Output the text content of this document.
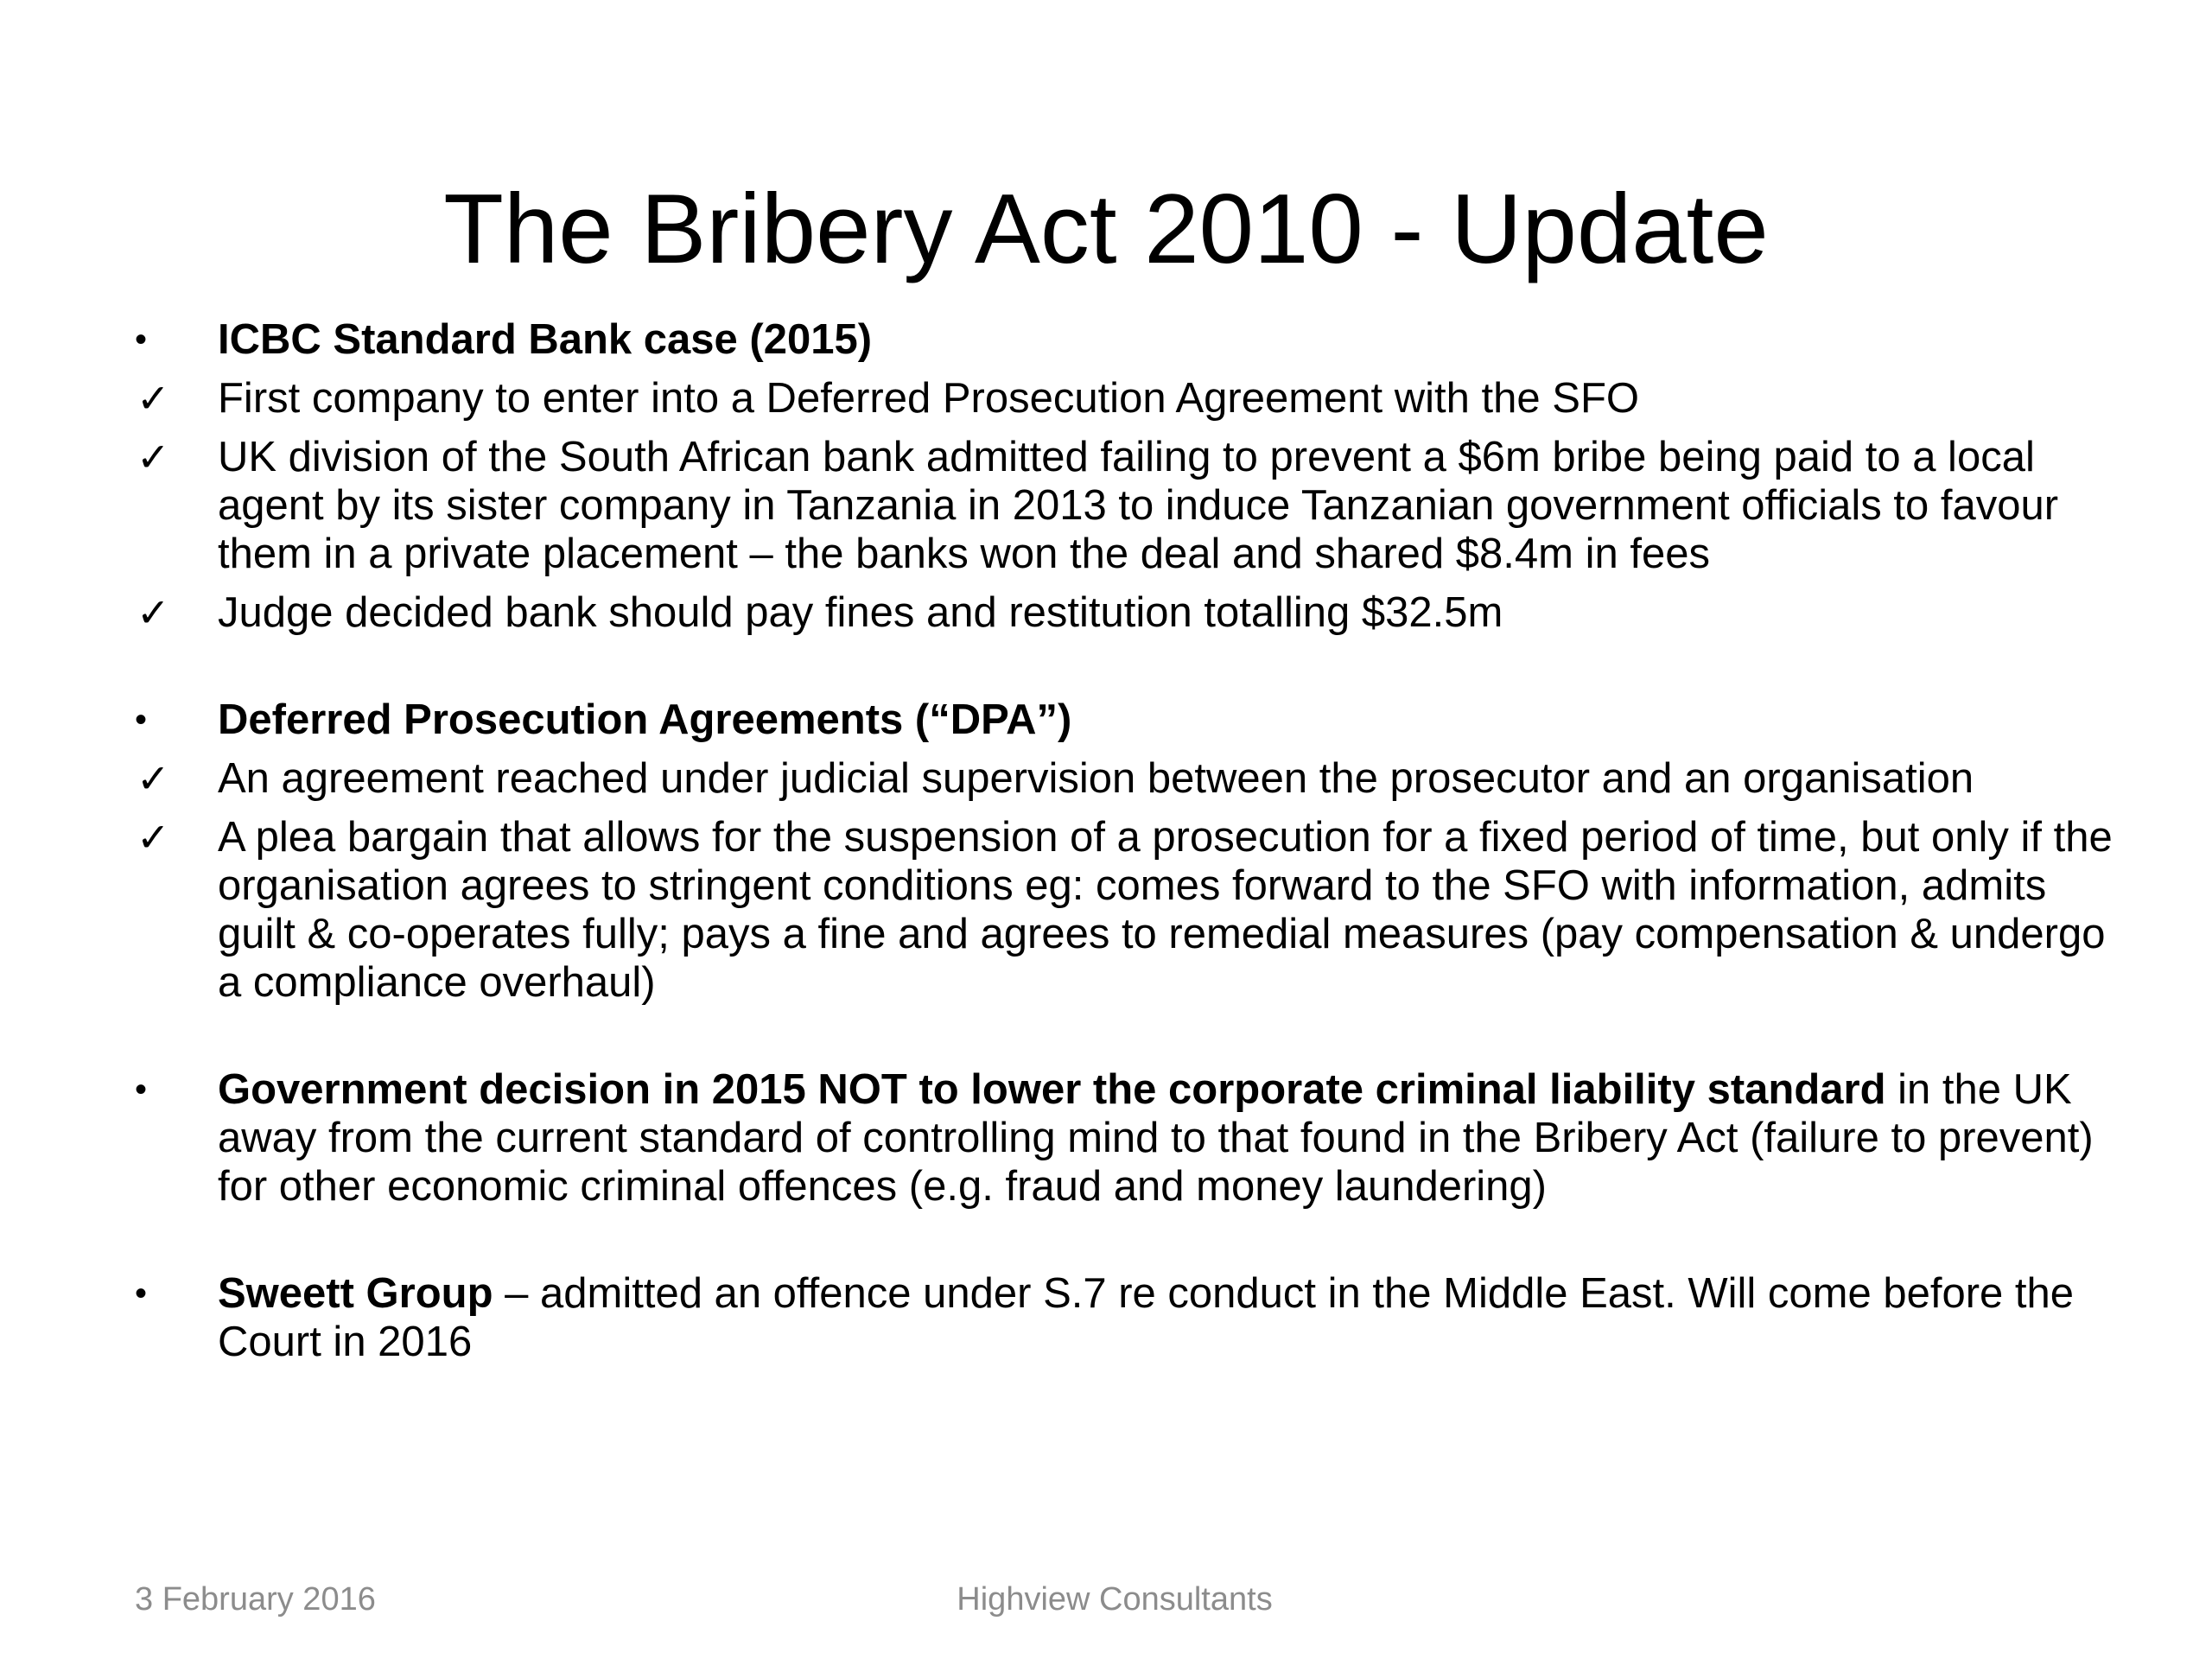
The Bribery Act 2010 - Update
•	ICBC Standard Bank case (2015)
✓	First company to enter into a Deferred Prosecution Agreement with the SFO
✓	UK division of the South African bank admitted failing to prevent a $6m bribe being paid to a local agent by its sister company in Tanzania in 2013 to induce Tanzanian government officials to favour them in a private placement – the banks won the deal and shared $8.4m in fees
✓	Judge decided bank should pay fines and restitution totalling $32.5m
•	Deferred Prosecution Agreements (“DPA”)
✓	An agreement reached under judicial supervision between the prosecutor and an organisation
✓	A plea bargain that allows for the suspension of a prosecution for a fixed period of time, but only if the organisation agrees to stringent conditions eg: comes forward to the SFO with information, admits guilt & co-operates fully; pays a fine and agrees to remedial measures (pay compensation & undergo a compliance overhaul)
•	Government decision in 2015 NOT to lower the corporate criminal liability standard in the UK away from the current standard of controlling mind to that found in the Bribery Act (failure to prevent) for other economic criminal offences (e.g. fraud and money laundering)
•	Sweett Group – admitted an offence under S.7 re conduct in the Middle East. Will come before the Court in 2016
3 February 2016	Highview Consultants
